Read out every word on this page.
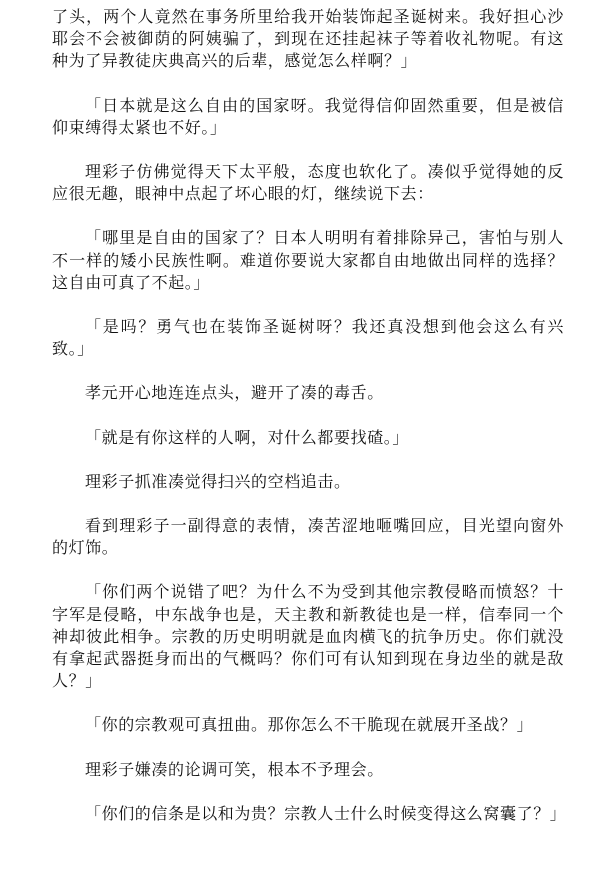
了头，两个人竟然在事务所里给我开始装饰起圣诞树来。我好担心沙耶会不会被御荫的阿姨骗了，到现在还挂起袜子等着收礼物呢。有这种为了异教徒庆典高兴的后辈，感觉怎么样啊？」

「日本就是这么自由的国家呀。我觉得信仰固然重要，但是被信仰束缚得太紧也不好。」

理彩子仿佛觉得天下太平般，态度也软化了。凑似乎觉得她的反应很无趣，眼神中点起了坏心眼的灯，继续说下去：

「哪里是自由的国家了？日本人明明有着排除异己，害怕与别人不一样的矮小民族性啊。难道你要说大家都自由地做出同样的选择？这自由可真了不起。」

「是吗？勇气也在装饰圣诞树呀？我还真没想到他会这么有兴致。」

孝元开心地连连点头，避开了凑的毒舌。

「就是有你这样的人啊，对什么都要找碴。」

理彩子抓准凑觉得扫兴的空档追击。

看到理彩子一副得意的表情，凑苦涩地咂嘴回应，目光望向窗外的灯饰。

「你们两个说错了吧？为什么不为受到其他宗教侵略而愤怒？十字军是侵略，中东战争也是，天主教和新教徒也是一样，信奉同一个神却彼此相争。宗教的历史明明就是血肉横飞的抗争历史。你们就没有拿起武器挺身而出的气概吗？你们可有认知到现在身边坐的就是敌人？」

「你的宗教观可真扭曲。那你怎么不干脆现在就展开圣战？」

理彩子嫌凑的论调可笑，根本不予理会。

「你们的信条是以和为贵？宗教人士什么时候变得这么窝囊了？」
